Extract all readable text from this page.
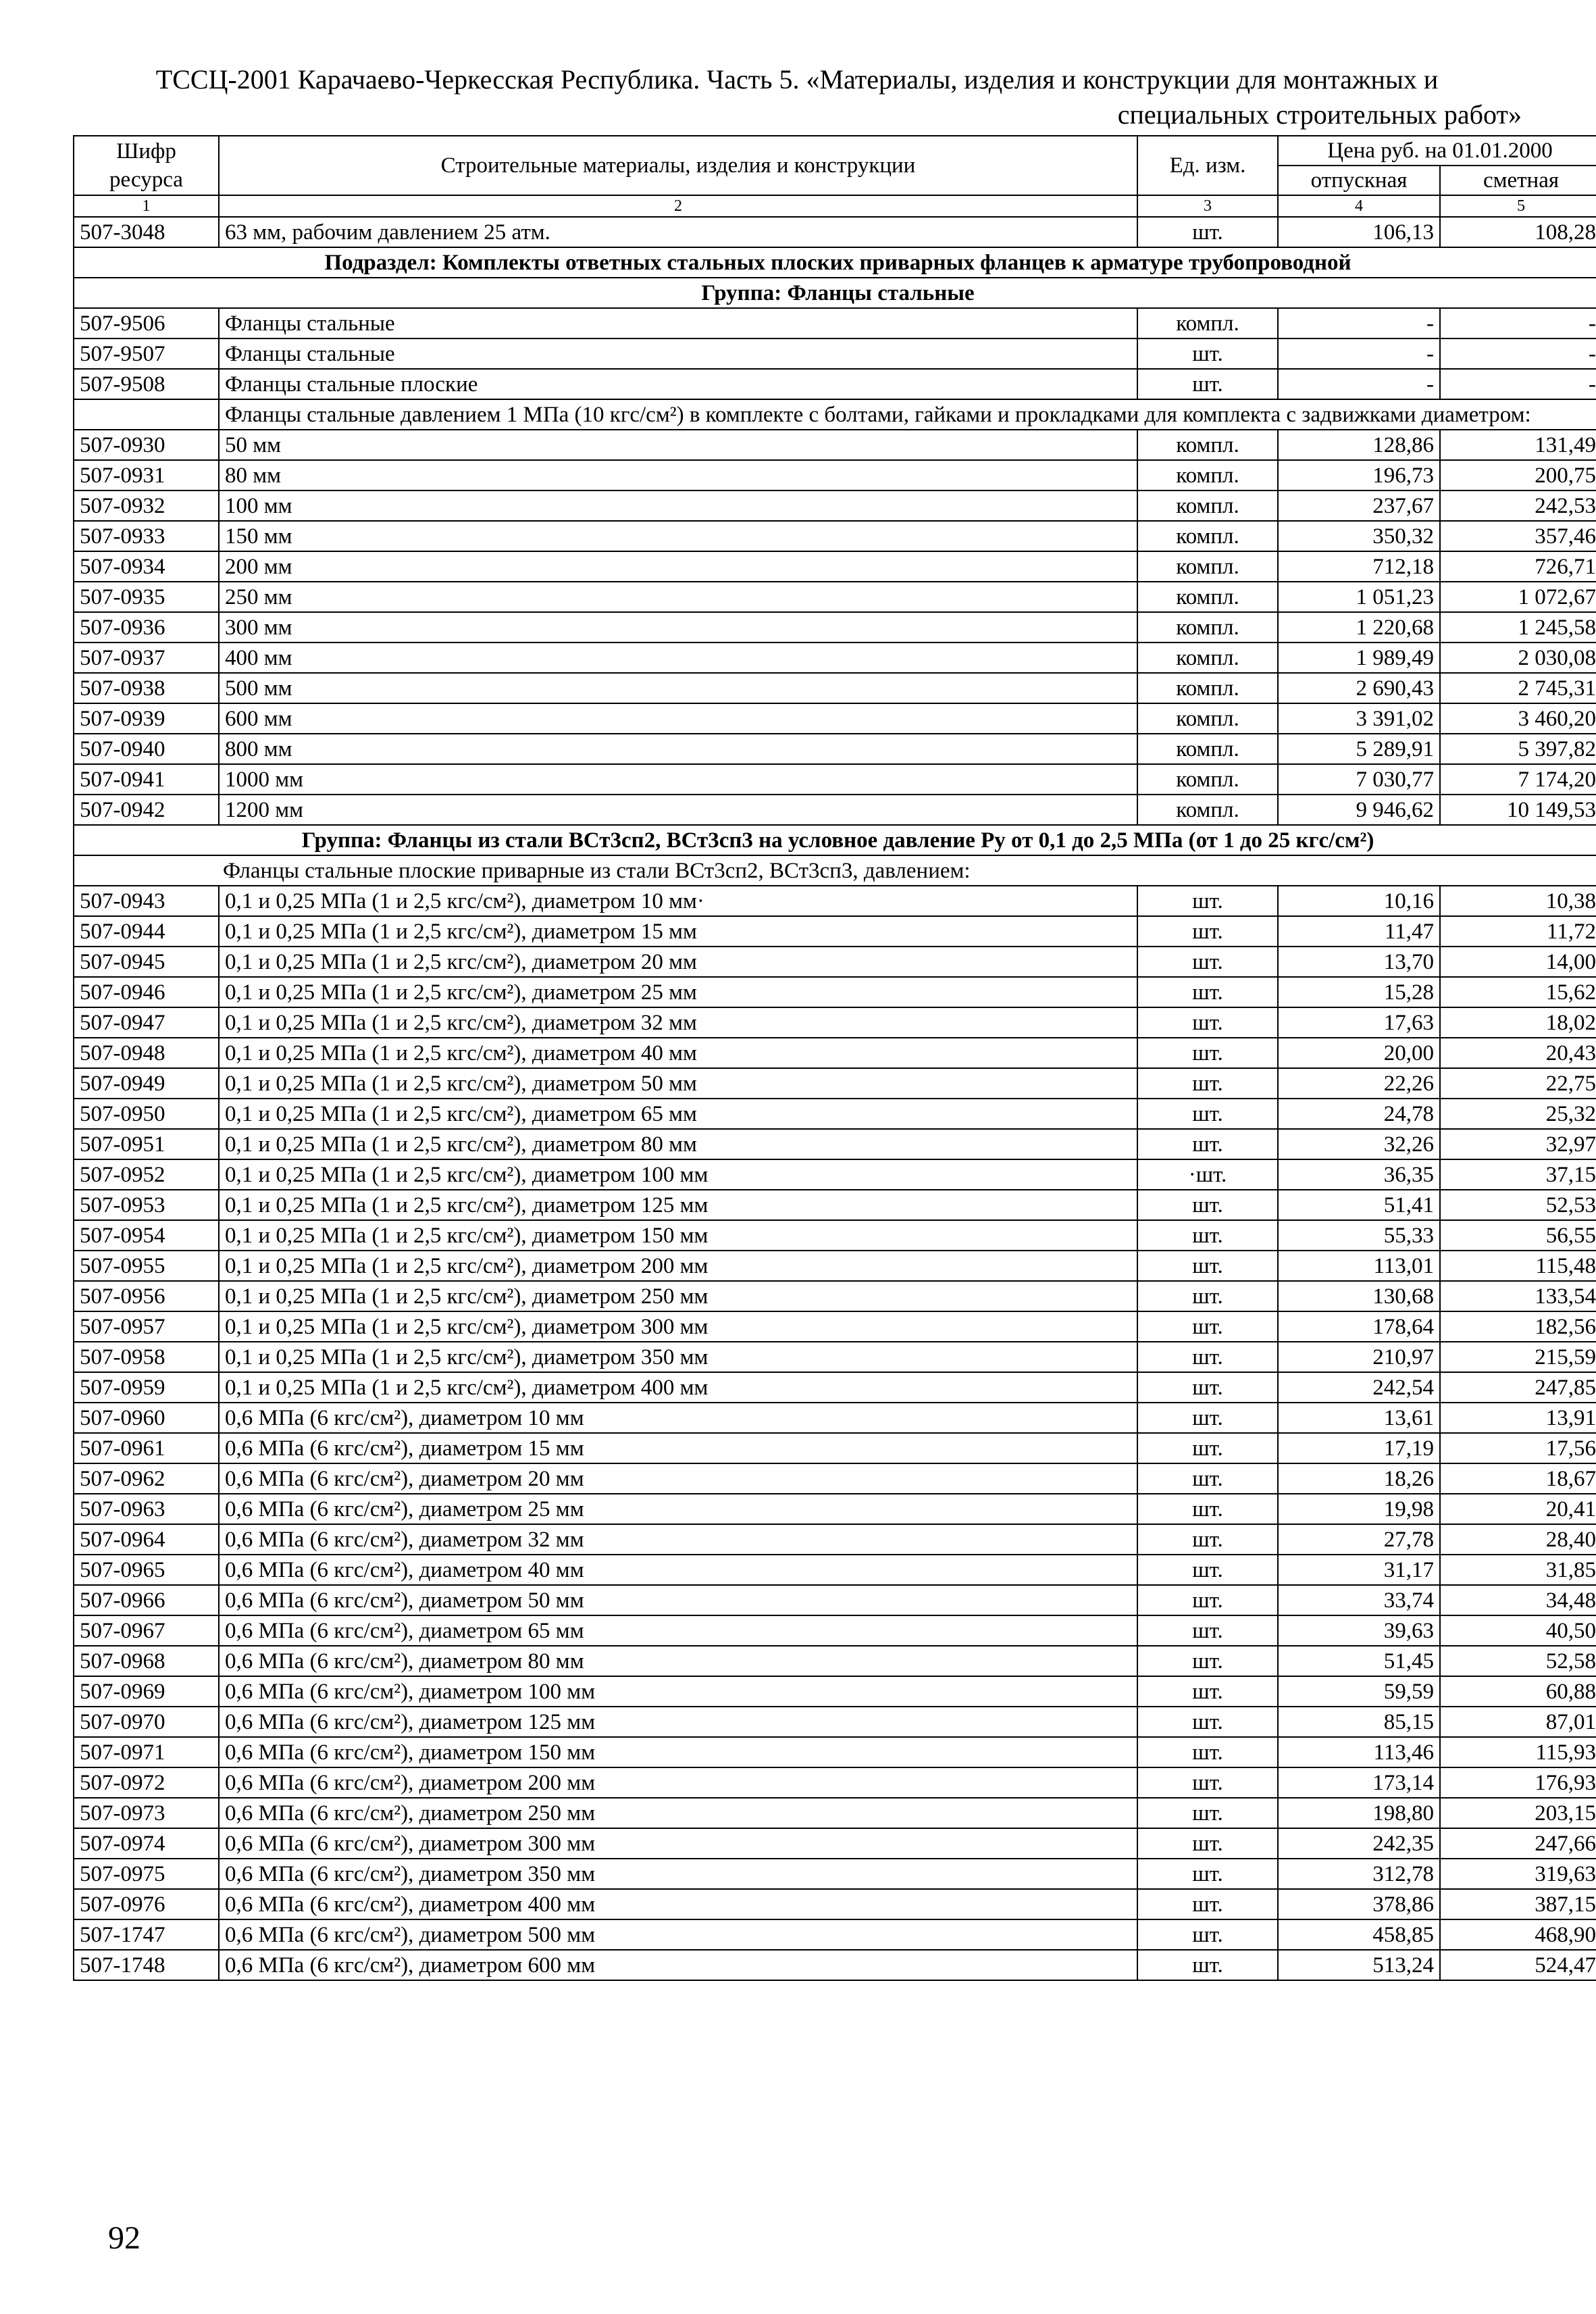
ТССЦ-2001 Карачаево-Черкесская Республика. Часть 5. «Материалы, изделия и конструкции для монтажных и
специальных строительных работ»
Шифр ресурса	Строительные материалы, изделия и конструкции	Ед. изм.	Цена руб. на 01.01.2000	
			отпускная	сметная
1	2	3	4	5
507-3048	63 мм, рабочим давлением 25 атм.	шт.	106,13	108,28
Подраздел: Комплекты ответных стальных плоских приварных фланцев к арматуре трубопроводной				
Группа: Фланцы стальные				
507-9506	Фланцы стальные	компл.	-	-
507-9507	Фланцы стальные	шт.	-	-
507-9508	Фланцы стальные плоские	шт.	-	-
	Фланцы стальные давлением 1 МПа (10 кгс/см²) в комплекте с болтами, гайками и прокладками для комплекта с задвижками диаметром:			
507-0930	50 мм	компл.	128,86	131,49
507-0931	80 мм	компл.	196,73	200,75
507-0932	100 мм	компл.	237,67	242,53
507-0933	150 мм	компл.	350,32	357,46
507-0934	200 мм	компл.	712,18	726,71
507-0935	250 мм	компл.	1 051,23	1 072,67
507-0936	300 мм	компл.	1 220,68	1 245,58
507-0937	400 мм	компл.	1 989,49	2 030,08
507-0938	500 мм	компл.	2 690,43	2 745,31
507-0939	600 мм	компл.	3 391,02	3 460,20
507-0940	800 мм	компл.	5 289,91	5 397,82
507-0941	1000 мм	компл.	7 030,77	7 174,20
507-0942	1200 мм	компл.	9 946,62	10 149,53
Группа: Фланцы из стали ВСт3сп2, ВСт3сп3 на условное давление Ру от 0,1 до 2,5 МПа (от 1 до 25 кгс/см²)				
Фланцы стальные плоские приварные из стали ВСт3сп2, ВСт3сп3, давлением:				
507-0943	0,1 и 0,25 МПа (1 и 2,5 кгс/см²), диаметром 10 мм·	шт.	10,16	10,38
507-0944	0,1 и 0,25 МПа (1 и 2,5 кгс/см²), диаметром 15 мм	шт.	11,47	11,72
507-0945	0,1 и 0,25 МПа (1 и 2,5 кгс/см²), диаметром 20 мм	шт.	13,70	14,00
507-0946	0,1 и 0,25 МПа (1 и 2,5 кгс/см²), диаметром 25 мм	шт.	15,28	15,62
507-0947	0,1 и 0,25 МПа (1 и 2,5 кгс/см²), диаметром 32 мм	шт.	17,63	18,02
507-0948	0,1 и 0,25 МПа (1 и 2,5 кгс/см²), диаметром 40 мм	шт.	20,00	20,43
507-0949	0,1 и 0,25 МПа (1 и 2,5 кгс/см²), диаметром 50 мм	шт.	22,26	22,75
507-0950	0,1 и 0,25 МПа (1 и 2,5 кгс/см²), диаметром 65 мм	шт.	24,78	25,32
507-0951	0,1 и 0,25 МПа (1 и 2,5 кгс/см²), диаметром 80 мм	шт.	32,26	32,97
507-0952	0,1 и 0,25 МПа (1 и 2,5 кгс/см²), диаметром 100 мм	·шт.	36,35	37,15
507-0953	0,1 и 0,25 МПа (1 и 2,5 кгс/см²), диаметром 125 мм	шт.	51,41	52,53
507-0954	0,1 и 0,25 МПа (1 и 2,5 кгс/см²), диаметром 150 мм	шт.	55,33	56,55
507-0955	0,1 и 0,25 МПа (1 и 2,5 кгс/см²), диаметром 200 мм	шт.	113,01	115,48
507-0956	0,1 и 0,25 МПа (1 и 2,5 кгс/см²), диаметром 250 мм	шт.	130,68	133,54
507-0957	0,1 и 0,25 МПа (1 и 2,5 кгс/см²), диаметром 300 мм	шт.	178,64	182,56
507-0958	0,1 и 0,25 МПа (1 и 2,5 кгс/см²), диаметром 350 мм	шт.	210,97	215,59
507-0959	0,1 и 0,25 МПа (1 и 2,5 кгс/см²), диаметром 400 мм	шт.	242,54	247,85
507-0960	0,6 МПа (6 кгс/см²), диаметром 10 мм	шт.	13,61	13,91
507-0961	0,6 МПа (6 кгс/см²), диаметром 15 мм	шт.	17,19	17,56
507-0962	0,6 МПа (6 кгс/см²), диаметром 20 мм	шт.	18,26	18,67
507-0963	0,6 МПа (6 кгс/см²), диаметром 25 мм	шт.	19,98	20,41
507-0964	0,6 МПа (6 кгс/см²), диаметром 32 мм	шт.	27,78	28,40
507-0965	0,6 МПа (6 кгс/см²), диаметром 40 мм	шт.	31,17	31,85
507-0966	0,6 МПа (6 кгс/см²), диаметром 50 мм	шт.	33,74	34,48
507-0967	0,6 МПа (6 кгс/см²), диаметром 65 мм	шт.	39,63	40,50
507-0968	0,6 МПа (6 кгс/см²), диаметром 80 мм	шт.	51,45	52,58
507-0969	0,6 МПа (6 кгс/см²), диаметром 100 мм	шт.	59,59	60,88
507-0970	0,6 МПа (6 кгс/см²), диаметром 125 мм	шт.	85,15	87,01
507-0971	0,6 МПа (6 кгс/см²), диаметром 150 мм	шт.	113,46	115,93
507-0972	0,6 МПа (6 кгс/см²), диаметром 200 мм	шт.	173,14	176,93
507-0973	0,6 МПа (6 кгс/см²), диаметром 250 мм	шт.	198,80	203,15
507-0974	0,6 МПа (6 кгс/см²), диаметром 300 мм	шт.	242,35	247,66
507-0975	0,6 МПа (6 кгс/см²), диаметром 350 мм	шт.	312,78	319,63
507-0976	0,6 МПа (6 кгс/см²), диаметром 400 мм	шт.	378,86	387,15
507-1747	0,6 МПа (6 кгс/см²), диаметром 500 мм	шт.	458,85	468,90
507-1748	0,6 МПа (6 кгс/см²), диаметром 600 мм	шт.	513,24	524,47
92
